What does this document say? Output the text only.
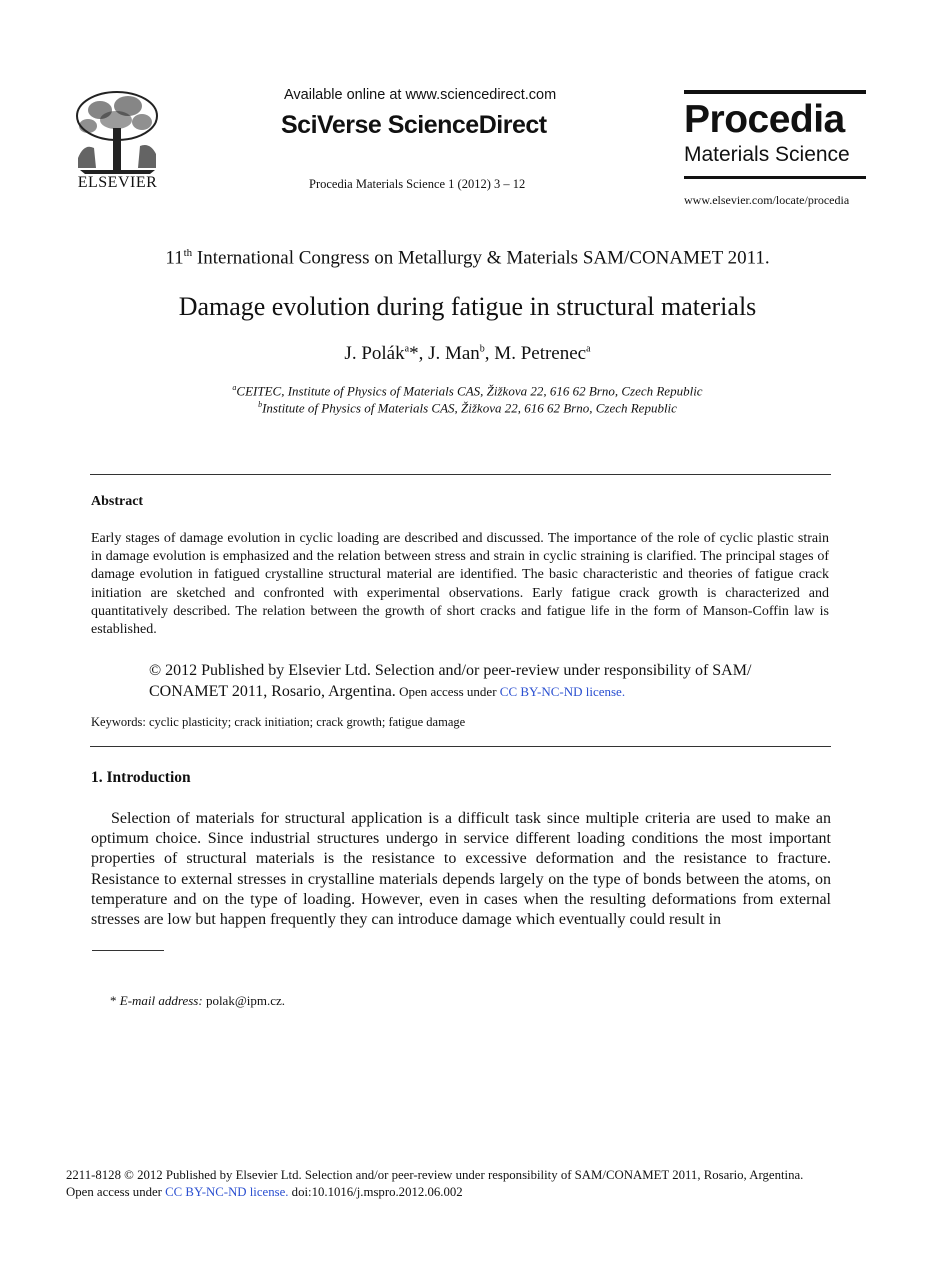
ELSEVIER
Available online at www.sciencedirect.com
SciVerse ScienceDirect
Procedia Materials Science 1 (2012) 3 – 12
Procedia
Materials Science
www.elsevier.com/locate/procedia
11th International Congress on Metallurgy & Materials SAM/CONAMET 2011.
Damage evolution during fatigue in structural materials
J. Polák$^a$*, J. Man$^b$, M. Petrenec$^a$
$^a$CEITEC, Institute of Physics of Materials CAS, Žižkova 22, 616 62 Brno, Czech Republic
$^b$Institute of Physics of Materials CAS, Žižkova 22, 616 62 Brno, Czech Republic
Abstract
Early stages of damage evolution in cyclic loading are described and discussed. The importance of the role of cyclic plastic strain in damage evolution is emphasized and the relation between stress and strain in cyclic straining is clarified. The principal stages of damage evolution in fatigued crystalline structural material are identified. The basic characteristic and theories of fatigue crack initiation are sketched and confronted with experimental observations. Early fatigue crack growth is characterized and quantitatively described. The relation between the growth of short cracks and fatigue life in the form of Manson-Coffin law is established.
© 2012 Published by Elsevier Ltd. Selection and/or peer-review under responsibility of SAM/ CONAMET 2011, Rosario, Argentina. Open access under CC BY-NC-ND license.
Keywords: cyclic plasticity; crack initiation; crack growth; fatigue damage
1. Introduction
Selection of materials for structural application is a difficult task since multiple criteria are used to make an optimum choice. Since industrial structures undergo in service different loading conditions the most important properties of structural materials is the resistance to excessive deformation and the resistance to fracture. Resistance to external stresses in crystalline materials depends largely on the type of bonds between the atoms, on temperature and on the type of loading. However, even in cases when the resulting deformations from external stresses are low but happen frequently they can introduce damage which eventually could result in
* E-mail address: polak@ipm.cz.
2211-8128 © 2012 Published by Elsevier Ltd. Selection and/or peer-review under responsibility of SAM/CONAMET 2011, Rosario, Argentina.
Open access under CC BY-NC-ND license. doi:10.1016/j.mspro.2012.06.002
